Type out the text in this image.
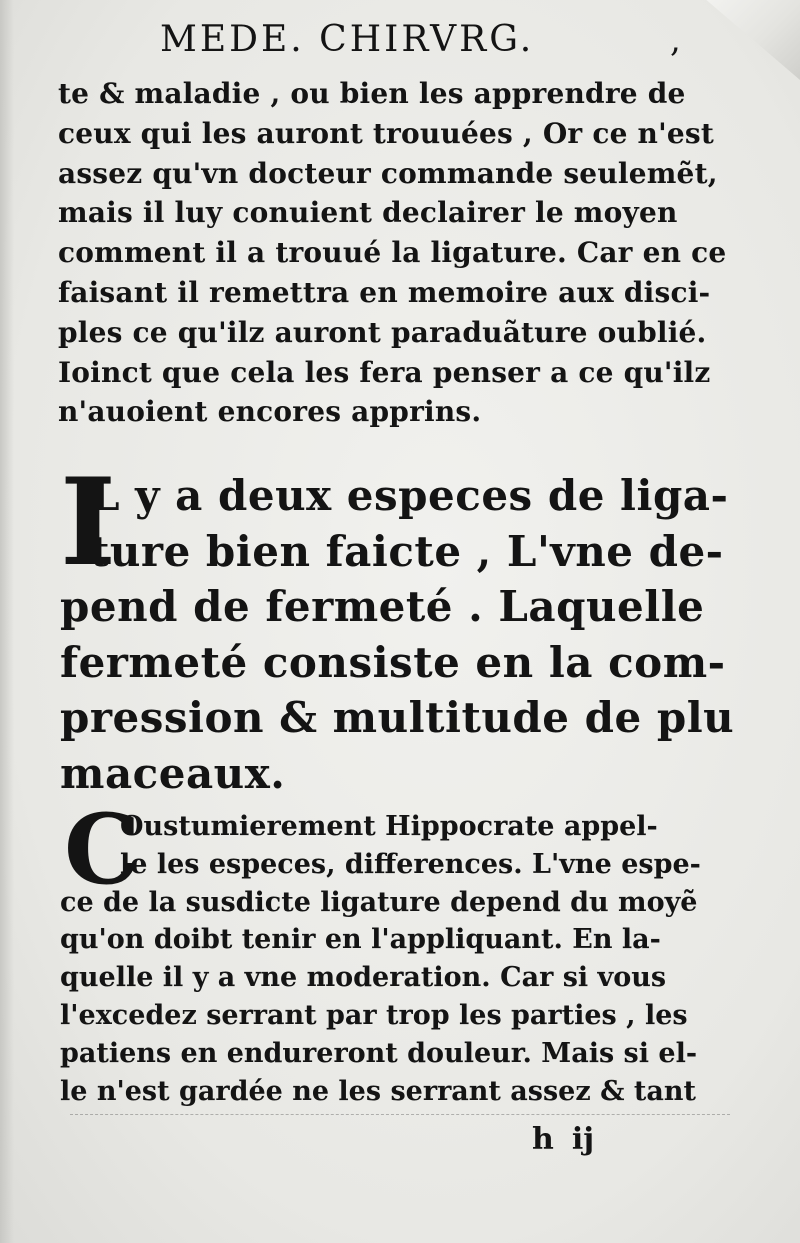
MEDE. CHIRVRG.	,
te & maladie , ou bien les apprendre de
ceux qui les auront trouuées , Or ce n'est
assez qu'vn docteur commande seulemẽt,
mais il luy conuient declairer le moyen
comment il a trouué la ligature. Car en ce
faisant il remettra en memoire aux disci-
ples ce qu'ilz auront paraduãture oublié.
Ioinct que cela les fera penser a ce qu'ilz
n'auoient encores apprins.
I
L y a deux especes de liga-
ture bien faicte , L'vne de-
pend de fermeté . Laquelle
fermeté consiste en la com-
pression & multitude de plu
maceaux.
C
Oustumierement Hippocrate appel-
le les especes, differences. L'vne espe-
ce de la susdicte ligature depend du moyẽ
qu'on doibt tenir en l'appliquant. En la-
quelle il y a vne moderation. Car si vous
l'excedez serrant par trop les parties , les
patiens en endureront douleur. Mais si el-
le n'est gardée ne les serrant assez & tant
h ij
